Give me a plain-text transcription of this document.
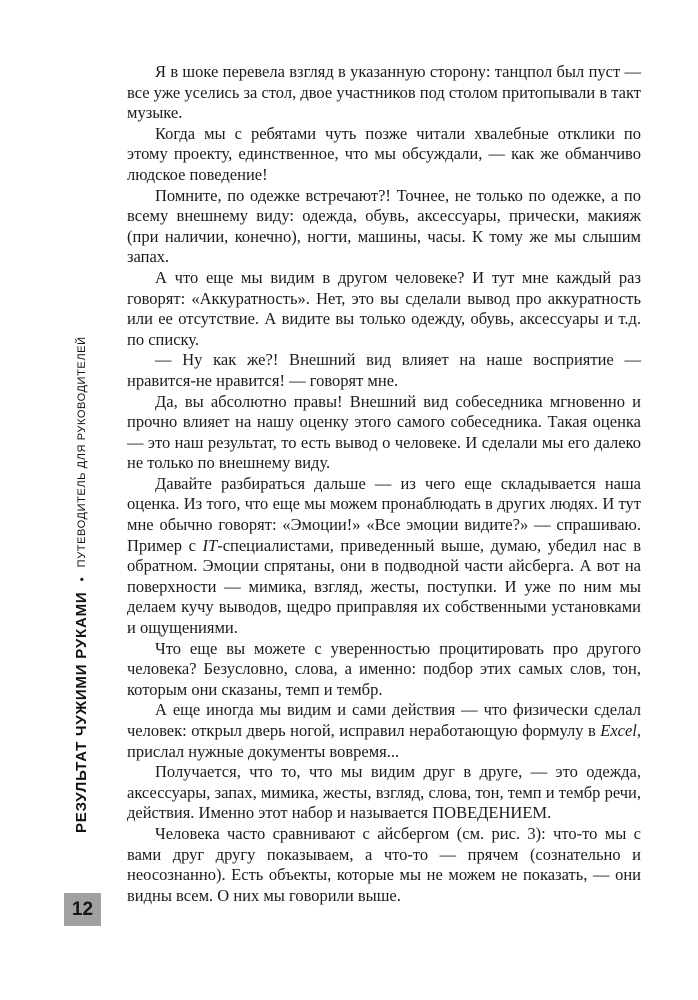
РЕЗУЛЬТАТ ЧУЖИМИ РУКАМИ
•
ПУТЕВОДИТЕЛЬ ДЛЯ РУКОВОДИТЕЛЕЙ

Я в шоке перевела взгляд в указанную сторону: танцпол был пуст — все уже уселись за стол, двое участников под столом притопывали в такт музыке.

Когда мы с ребятами чуть позже читали хвалебные отклики по этому проекту, единственное, что мы обсуждали, — как же обманчиво людское поведение!

Помните, по одежке встречают?! Точнее, не только по одежке, а по всему внешнему виду: одежда, обувь, аксессуары, прически, макияж (при наличии, конечно), ногти, машины, часы. К тому же мы слышим запах.

А что еще мы видим в другом человеке? И тут мне каждый раз говорят: «Аккуратность». Нет, это вы сделали вывод про аккуратность или ее отсутствие. А видите вы только одежду, обувь, аксессуары и т.д. по списку.

— Ну как же?! Внешний вид влияет на наше восприятие — нравится-не нравится! — говорят мне.

Да, вы абсолютно правы! Внешний вид собеседника мгновенно и прочно влияет на нашу оценку этого самого собеседника. Такая оценка — это наш результат, то есть вывод о человеке. И сделали мы его далеко не только по внешнему виду.

Давайте разбираться дальше — из чего еще складывается наша оценка. Из того, что еще мы можем пронаблюдать в других людях. И тут мне обычно говорят: «Эмоции!» «Все эмоции видите?» — спрашиваю. Пример с IT-специалистами, приведенный выше, думаю, убедил нас в обратном. Эмоции спрятаны, они в подводной части айсберга. А вот на поверхности — мимика, взгляд, жесты, поступки. И уже по ним мы делаем кучу выводов, щедро приправляя их собственными установками и ощущениями.

Что еще вы можете с уверенностью процитировать про другого человека? Безусловно, слова, а именно: подбор этих самых слов, тон, которым они сказаны, темп и тембр.

А еще иногда мы видим и сами действия — что физически сделал человек: открыл дверь ногой, исправил неработающую формулу в Excel, прислал нужные документы вовремя...

Получается, что то, что мы видим друг в друге, — это одежда, аксессуары, запах, мимика, жесты, взгляд, слова, тон, темп и тембр речи, действия. Именно этот набор и называется ПОВЕДЕНИЕМ.

Человека часто сравнивают с айсбергом (см. рис. 3): что-то мы с вами друг другу показываем, а что-то — прячем (сознательно и неосознанно). Есть объекты, которые мы не можем не показать, — они видны всем. О них мы говорили выше.

12
